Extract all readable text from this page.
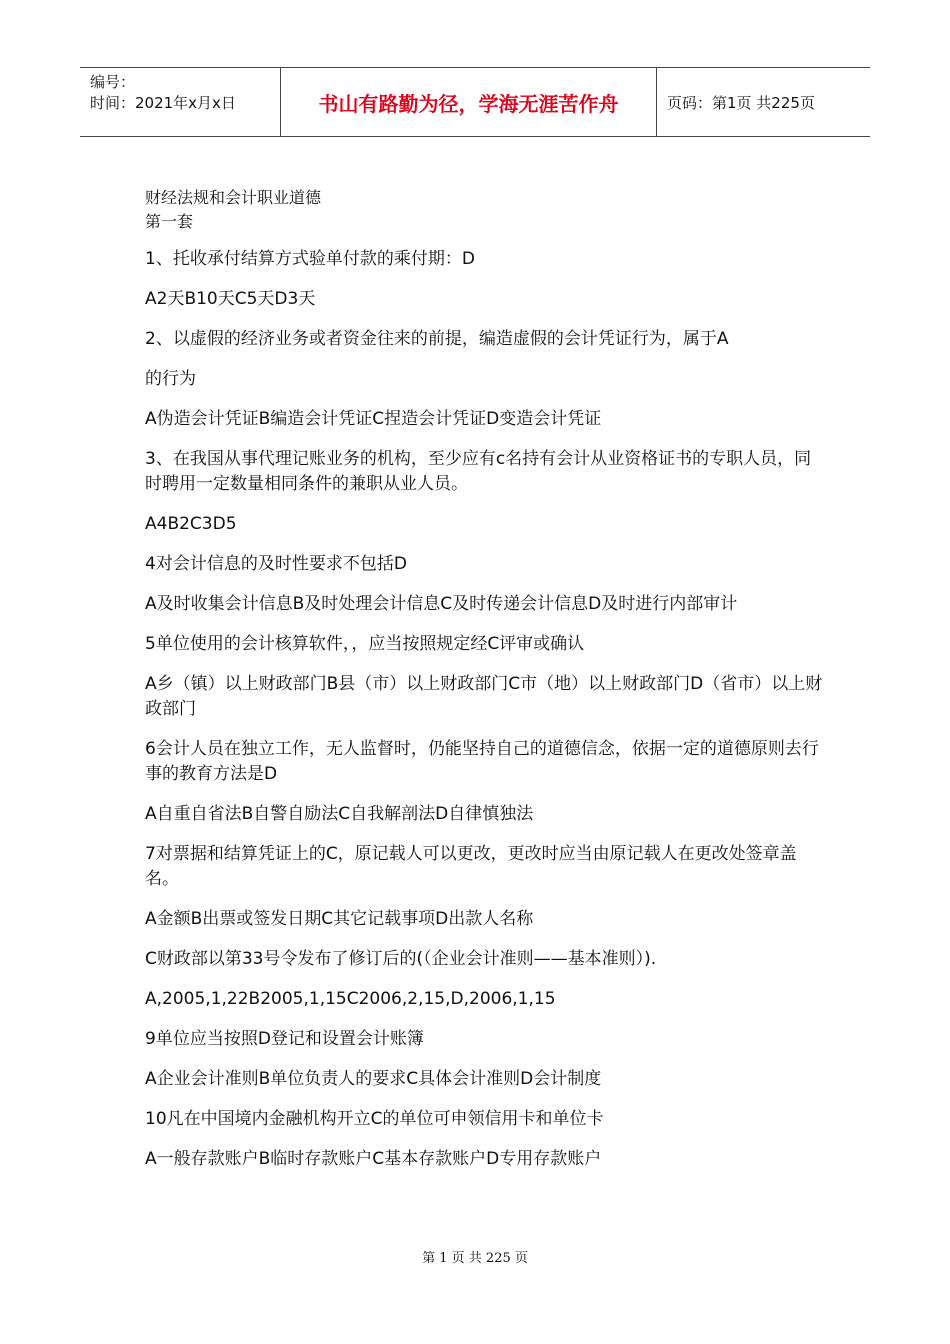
编号：
时间：2021年x月x日	书山有路勤为径，学海无涯苦作舟	页码：第1页 共225页
财经法规和会计职业道德
第一套
1、托收承付结算方式验单付款的乘付期：D
A2天B10天C5天D3天
2、以虚假的经济业务或者资金往来的前提，编造虚假的会计凭证行为，属于A
的行为
A伪造会计凭证B编造会计凭证C捏造会计凭证D变造会计凭证
3、在我国从事代理记账业务的机构，至少应有c名持有会计从业资格证书的专职人员，同时聘用一定数量相同条件的兼职从业人员。
A4B2C3D5
4对会计信息的及时性要求不包括D
A及时收集会计信息B及时处理会计信息C及时传递会计信息D及时进行内部审计
5单位使用的会计核算软件，，应当按照规定经C评审或确认
A乡（镇）以上财政部门B县（市）以上财政部门C市（地）以上财政部门D（省市）以上财政部门
6会计人员在独立工作，无人监督时，仍能坚持自己的道德信念，依据一定的道德原则去行事的教育方法是D
A自重自省法B自警自励法C自我解剖法D自律慎独法
7对票据和结算凭证上的C，原记载人可以更改，更改时应当由原记载人在更改处签章盖名。
A金额B出票或签发日期C其它记载事项D出款人名称
C财政部以第33号令发布了修订后的(（企业会计准则——基本准则）).
A,2005,1,22B2005,1,15C2006,2,15,D,2006,1,15
9单位应当按照D登记和设置会计账簿
A企业会计准则B单位负责人的要求C具体会计准则D会计制度
10凡在中国境内金融机构开立C的单位可申领信用卡和单位卡
A一般存款账户B临时存款账户C基本存款账户D专用存款账户
第 1 页 共 225 页
